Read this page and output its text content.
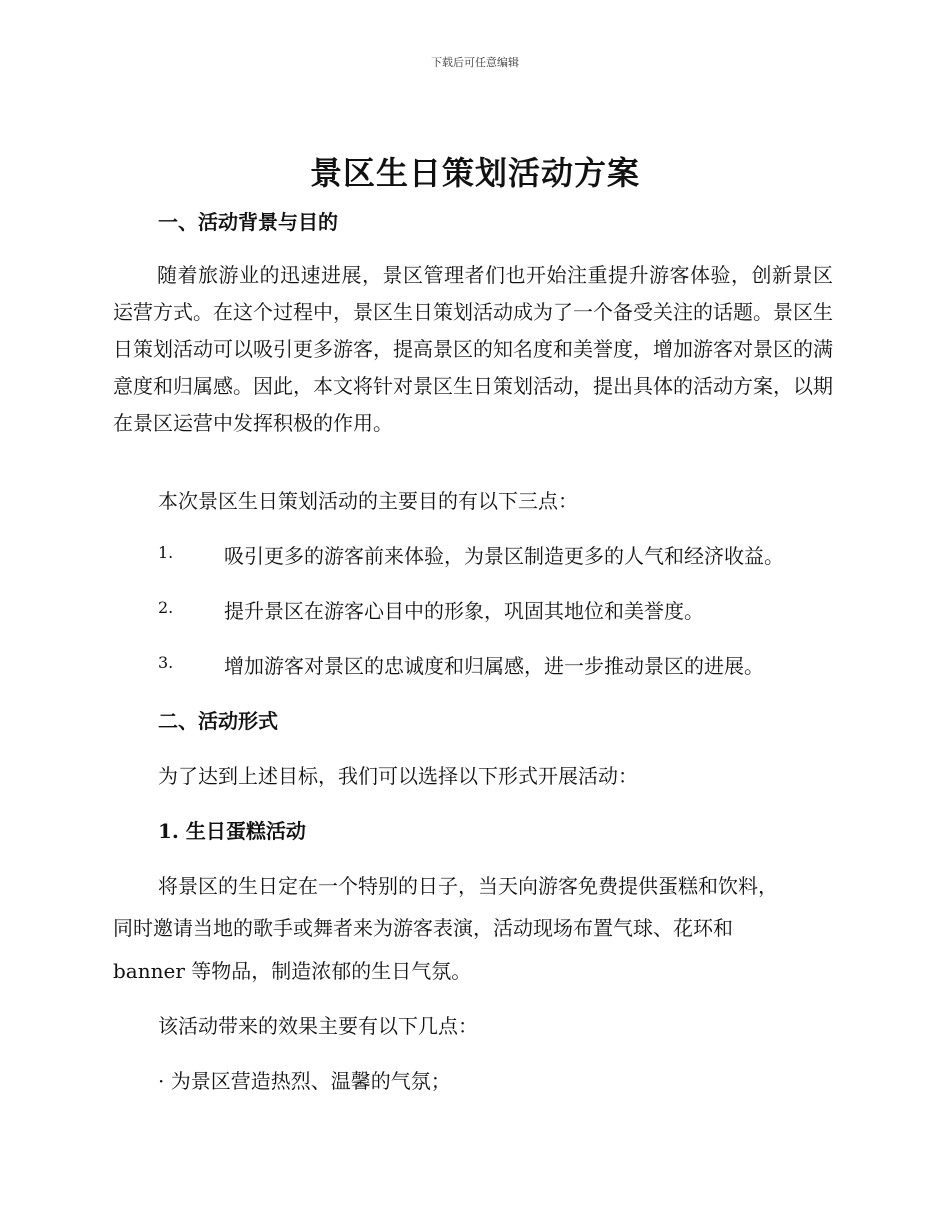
下载后可任意编辑
景区生日策划活动方案
一、活动背景与目的

随着旅游业的迅速进展，景区管理者们也开始注重提升游客体验，创新景区运营方式。在这个过程中，景区生日策划活动成为了一个备受关注的话题。景区生日策划活动可以吸引更多游客，提高景区的知名度和美誉度，增加游客对景区的满意度和归属感。因此，本文将针对景区生日策划活动，提出具体的活动方案，以期在景区运营中发挥积极的作用。

本次景区生日策划活动的主要目的有以下三点：

1.	吸引更多的游客前来体验，为景区制造更多的人气和经济收益。
2.	提升景区在游客心目中的形象，巩固其地位和美誉度。
3.	增加游客对景区的忠诚度和归属感，进一步推动景区的进展。
二、活动形式

为了达到上述目标，我们可以选择以下形式开展活动：

1. 生日蛋糕活动

将景区的生日定在一个特别的日子，当天向游客免费提供蛋糕和饮料，

同时邀请当地的歌手或舞者来为游客表演，活动现场布置气球、花环和

banner 等物品，制造浓郁的生日气氛。

该活动带来的效果主要有以下几点：

· 为景区营造热烈、温馨的气氛；
